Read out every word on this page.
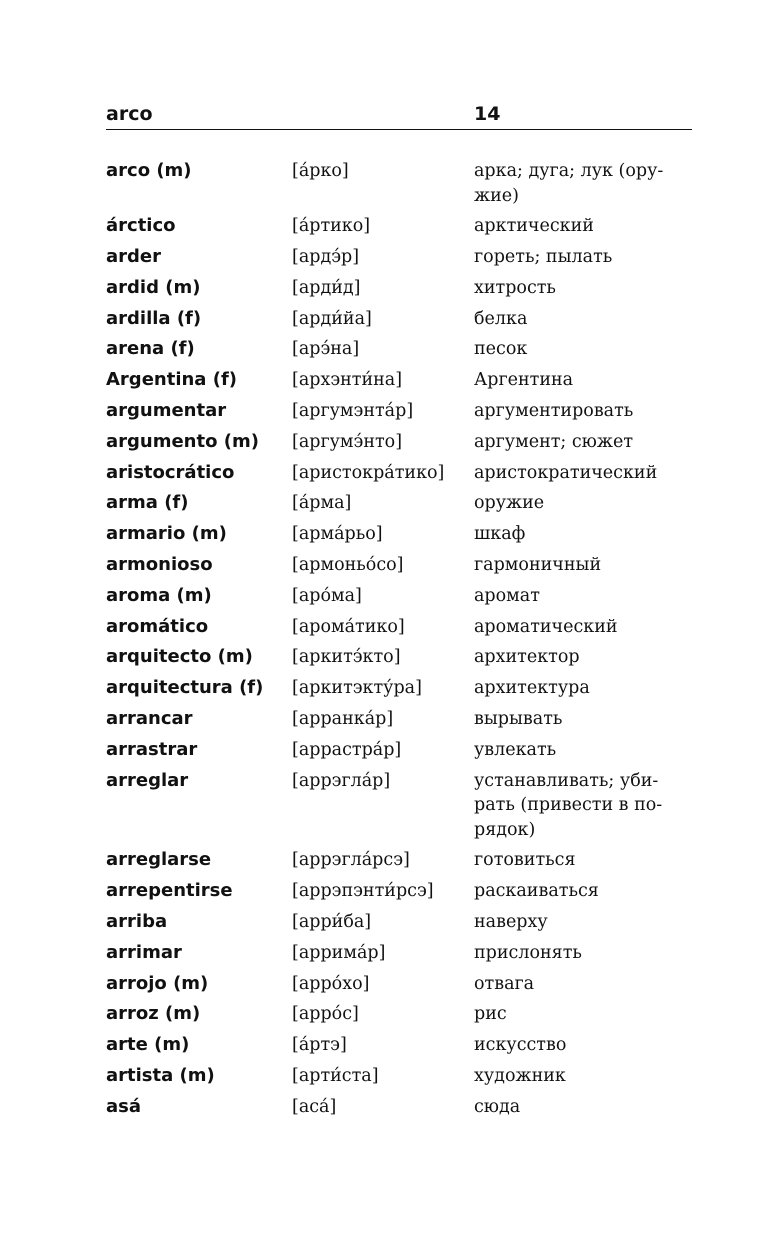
arco	14
arco (m)	[áрко]	арка; дуга; лук (ору-
жие)
árctico	[áртико]	арктический
arder	[ардэ́р]	гореть; пылать
ardid (m)	[арди́д]	хитрость
ardilla (f)	[арди́йа]	белка
arena (f)	[арэ́на]	песок
Argentina (f)	[архэнти́на]	Аргентина
argumentar	[аргумэнта́р]	аргументировать
argumento (m)	[аргумэ́нто]	аргумент; сюжет
aristocrático	[аристокра́тико]	аристократический
arma (f)	[а́рма]	оружие
armario (m)	[арма́рьо]	шкаф
armonioso	[армоньо́со]	гармоничный
aroma (m)	[аро́ма]	аромат
aromático	[арома́тико]	ароматический
arquitecto (m)	[аркитэ́кто]	архитектор
arquitectura (f)	[аркитэкту́ра]	архитектура
arrancar	[арранка́р]	вырывать
arrastrar	[арраcтра́р]	увлекать
arreglar	[аррэгла́р]	устанавливать; уби-
рать (привести в по-
рядок)
arreglarse	[аррэгла́рсэ]	готовиться
arrepentirse	[аррэпэнти́рсэ]	раскаиваться
arriba	[арри́ба]	наверху
arrimar	[арримáр]	прислонять
arrojo (m)	[арро́хо]	отвага
arroz (m)	[арро́с]	рис
arte (m)	[а́ртэ]	искусство
artista (m)	[арти́ста]	художник
asá	[аса́]	сюда
